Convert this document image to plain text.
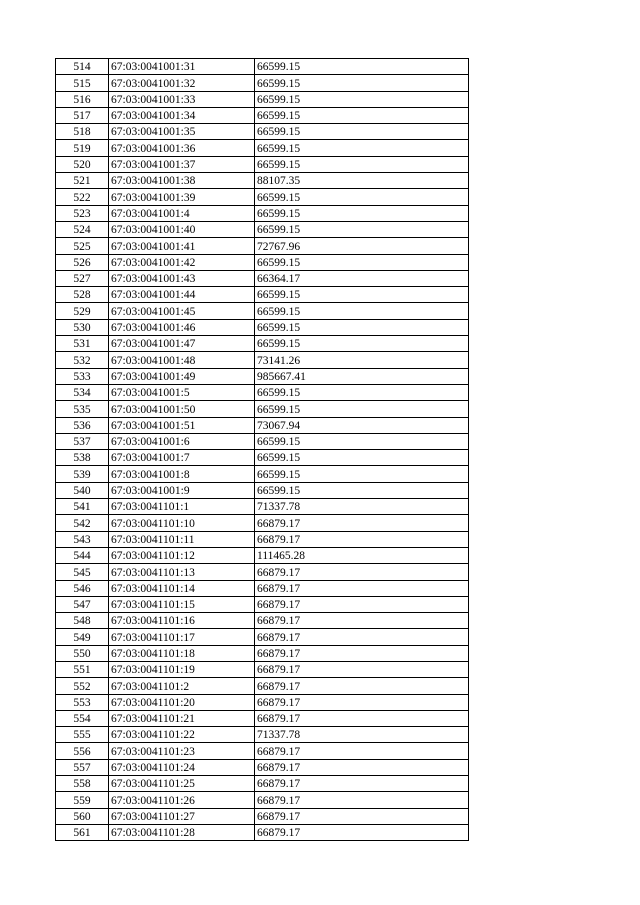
514	67:03:0041001:31	66599.15
515	67:03:0041001:32	66599.15
516	67:03:0041001:33	66599.15
517	67:03:0041001:34	66599.15
518	67:03:0041001:35	66599.15
519	67:03:0041001:36	66599.15
520	67:03:0041001:37	66599.15
521	67:03:0041001:38	88107.35
522	67:03:0041001:39	66599.15
523	67:03:0041001:4	66599.15
524	67:03:0041001:40	66599.15
525	67:03:0041001:41	72767.96
526	67:03:0041001:42	66599.15
527	67:03:0041001:43	66364.17
528	67:03:0041001:44	66599.15
529	67:03:0041001:45	66599.15
530	67:03:0041001:46	66599.15
531	67:03:0041001:47	66599.15
532	67:03:0041001:48	73141.26
533	67:03:0041001:49	985667.41
534	67:03:0041001:5	66599.15
535	67:03:0041001:50	66599.15
536	67:03:0041001:51	73067.94
537	67:03:0041001:6	66599.15
538	67:03:0041001:7	66599.15
539	67:03:0041001:8	66599.15
540	67:03:0041001:9	66599.15
541	67:03:0041101:1	71337.78
542	67:03:0041101:10	66879.17
543	67:03:0041101:11	66879.17
544	67:03:0041101:12	111465.28
545	67:03:0041101:13	66879.17
546	67:03:0041101:14	66879.17
547	67:03:0041101:15	66879.17
548	67:03:0041101:16	66879.17
549	67:03:0041101:17	66879.17
550	67:03:0041101:18	66879.17
551	67:03:0041101:19	66879.17
552	67:03:0041101:2	66879.17
553	67:03:0041101:20	66879.17
554	67:03:0041101:21	66879.17
555	67:03:0041101:22	71337.78
556	67:03:0041101:23	66879.17
557	67:03:0041101:24	66879.17
558	67:03:0041101:25	66879.17
559	67:03:0041101:26	66879.17
560	67:03:0041101:27	66879.17
561	67:03:0041101:28	66879.17
